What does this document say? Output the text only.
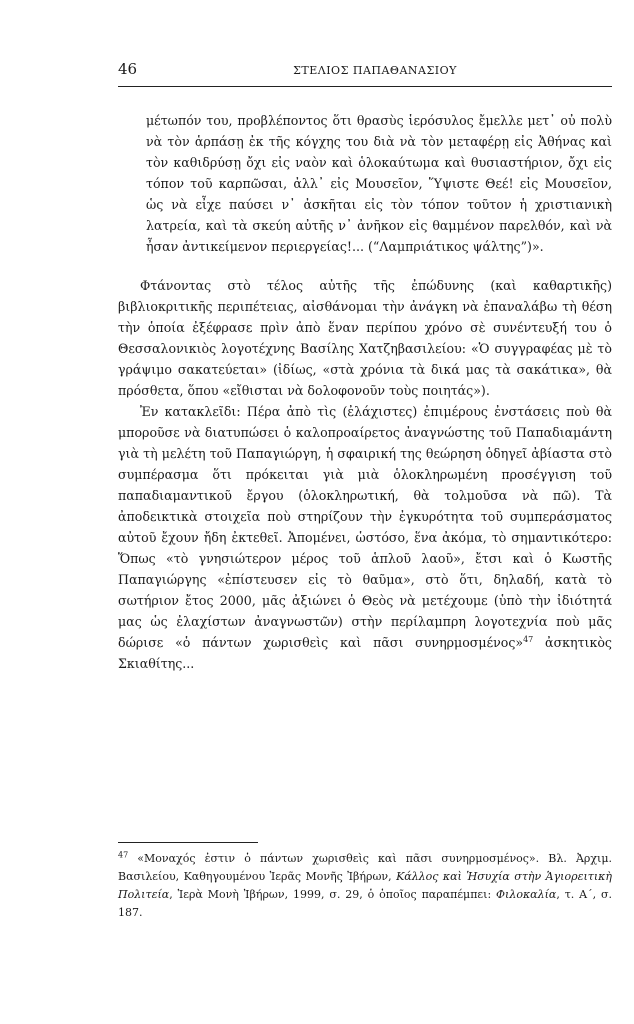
46	ΣΤΕΛΙΟΣ ΠΑΠΑΘΑΝΑΣΙΟΥ

μέτωπόν του, προβλέποντος ὅτι θρασὺς ἱερόσυλος ἔμελλε μετ᾽ οὐ πολὺ νὰ τὸν ἁρπάσῃ ἐκ τῆς κόγχης του διὰ νὰ τὸν μεταφέρῃ εἰς Ἀθήνας καὶ τὸν καθιδρύσῃ ὄχι εἰς ναὸν καὶ ὁλοκαύτωμα καὶ θυσιαστήριον, ὄχι εἰς τόπον τοῦ καρπῶσαι, ἀλλ᾽ εἰς Μουσεῖον, Ὕψιστε Θεέ! εἰς Μουσεῖον, ὡς νὰ εἶχε παύσει ν᾽ ἀσκῆται εἰς τὸν τόπον τοῦτον ἡ χριστιανικὴ λατρεία, καὶ τὰ σκεύη αὐτῆς ν᾽ ἀνῆκον εἰς θαμμένον παρελθόν, καὶ νὰ ἦσαν ἀντικείμενον περιεργείας!... (“Λαμπριάτικος ψάλτης”)».

Φτάνοντας στὸ τέλος αὐτῆς τῆς ἐπώδυνης (καὶ καθαρτικῆς) βιβλιοκριτικῆς περιπέτειας, αἰσθάνομαι τὴν ἀνάγκη νὰ ἐπαναλάβω τὴ θέση τὴν ὁποία ἐξέφρασε πρὶν ἀπὸ ἕναν περίπου χρόνο σὲ συνέντευξή του ὁ Θεσσαλονικιὸς λογοτέχνης Βασίλης Χατζηβασιλείου: «Ὁ συγγραφέας μὲ τὸ γράψιμο σακατεύεται» (ἰδίως, «στὰ χρόνια τὰ δικά μας τὰ σακάτικα», θὰ πρόσθετα, ὅπου «εἴθισται νὰ δολοφονοῦν τοὺς ποιητάς»).

Ἐν κατακλεῖδι: Πέρα ἀπὸ τὶς (ἐλάχιστες) ἐπιμέρους ἐνστάσεις ποὺ θὰ μποροῦσε νὰ διατυπώσει ὁ καλοπροαίρετος ἀναγνώστης τοῦ Παπαδιαμάντη γιὰ τὴ μελέτη τοῦ Παπαγιώργη, ἡ σφαιρική της θεώρηση ὁδηγεῖ ἀβίαστα στὸ συμπέρασμα ὅτι πρόκειται γιὰ μιὰ ὁλοκληρωμένη προσέγγιση τοῦ παπαδιαμαντικοῦ ἔργου (ὁλοκληρωτική, θὰ τολμοῦσα νὰ πῶ). Τὰ ἀποδεικτικὰ στοιχεῖα ποὺ στηρίζουν τὴν ἐγκυρότητα τοῦ συμπεράσματος αὐτοῦ ἔχουν ἤδη ἐκτεθεῖ. Ἀπομένει, ὡστόσο, ἕνα ἀκόμα, τὸ σημαντικότερο: Ὅπως «τὸ γνησιώτερον μέρος τοῦ ἁπλοῦ λαοῦ», ἔτσι καὶ ὁ Κωστῆς Παπαγιώργης «ἐπίστευσεν εἰς τὸ θαῦμα», στὸ ὅτι, δηλαδή, κατὰ τὸ σωτήριον ἔτος 2000, μᾶς ἀξιώνει ὁ Θεὸς νὰ μετέχουμε (ὑπὸ τὴν ἰδιότητά μας ὡς ἐλαχίστων ἀναγνωστῶν) στὴν περίλαμπρη λογοτεχνία ποὺ μᾶς δώρισε «ὁ πάντων χωρισθεὶς καὶ πᾶσι συνηρμοσμένος»$^{47}$ ἀσκητικὸς Σκιαθίτης...

$^{47}$ «Μοναχός ἐστιν ὁ πάντων χωρισθεὶς καὶ πᾶσι συνηρμοσμένος». Βλ. Ἀρχιμ. Βασιλείου, Καθηγουμένου Ἱερᾶς Μονῆς Ἰβήρων, Κάλλος καὶ Ἡσυχία στὴν Ἁγιορειτικὴ Πολιτεία, Ἱερὰ Μονὴ Ἰβήρων, 1999, σ. 29, ὁ ὁποῖος παραπέμπει: Φιλοκαλία, τ. Α΄, σ. 187.
